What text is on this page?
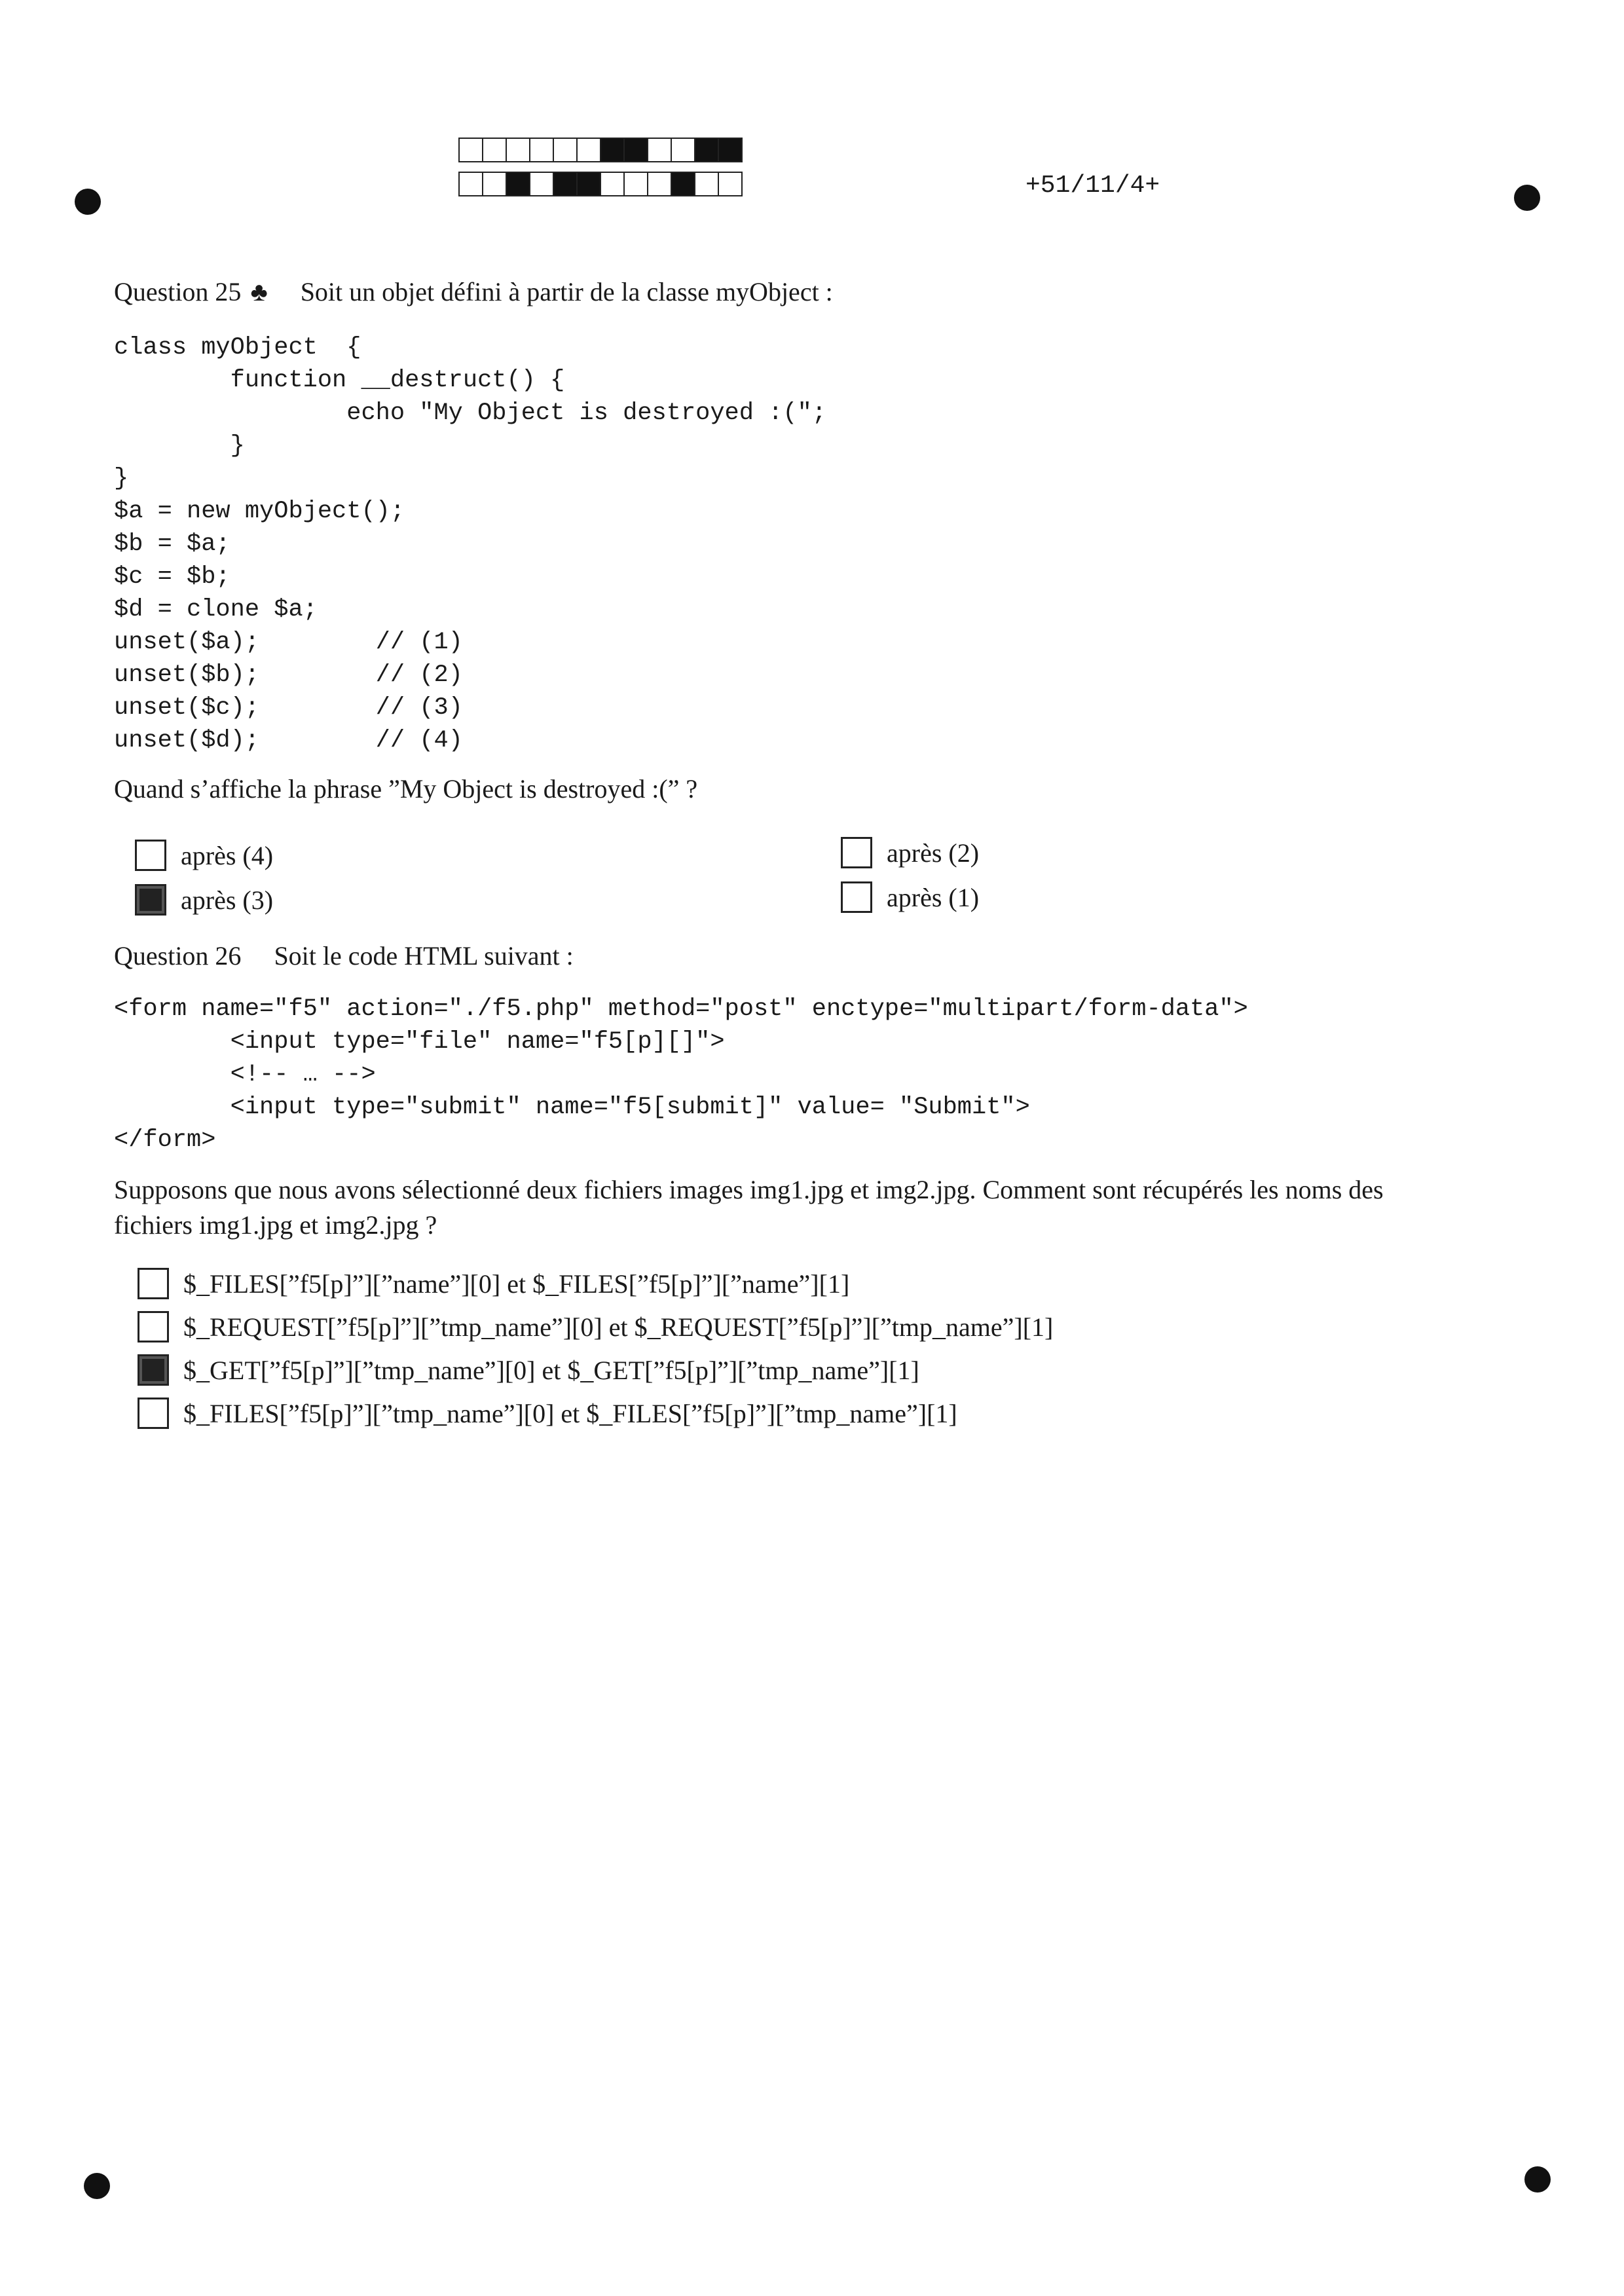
+51/11/4+
Question 25 ♣ Soit un objet défini à partir de la classe myObject :
class myObject  {
function __destruct() {
echo "My Object is destroyed :(";
}
}
$a = new myObject();
$b = $a;
$c = $b;
$d = clone $a;
unset($a);        // (1)
unset($b);        // (2)
unset($c);        // (3)
unset($d);        // (4)
Quand s’affiche la phrase ”My Object is destroyed :(” ?
après (4)
après (3)
après (2)
après (1)
Question 26 Soit le code HTML suivant :
<form name="f5" action="./f5.php" method="post" enctype="multipart/form-data">
<input type="file" name="f5[p][]">
<!-- … -->
<input type="submit" name="f5[submit]" value= "Submit">
</form>
Supposons que nous avons sélectionné deux fichiers images img1.jpg et img2.jpg. Comment sont récupérés les noms des
fichiers img1.jpg et img2.jpg ?
$_FILES[”f5[p]”][”name”][0] et $_FILES[”f5[p]”][”name”][1]
$_REQUEST[”f5[p]”][”tmp_name”][0] et $_REQUEST[”f5[p]”][”tmp_name”][1]
$_GET[”f5[p]”][”tmp_name”][0] et $_GET[”f5[p]”][”tmp_name”][1]
$_FILES[”f5[p]”][”tmp_name”][0] et $_FILES[”f5[p]”][”tmp_name”][1]
